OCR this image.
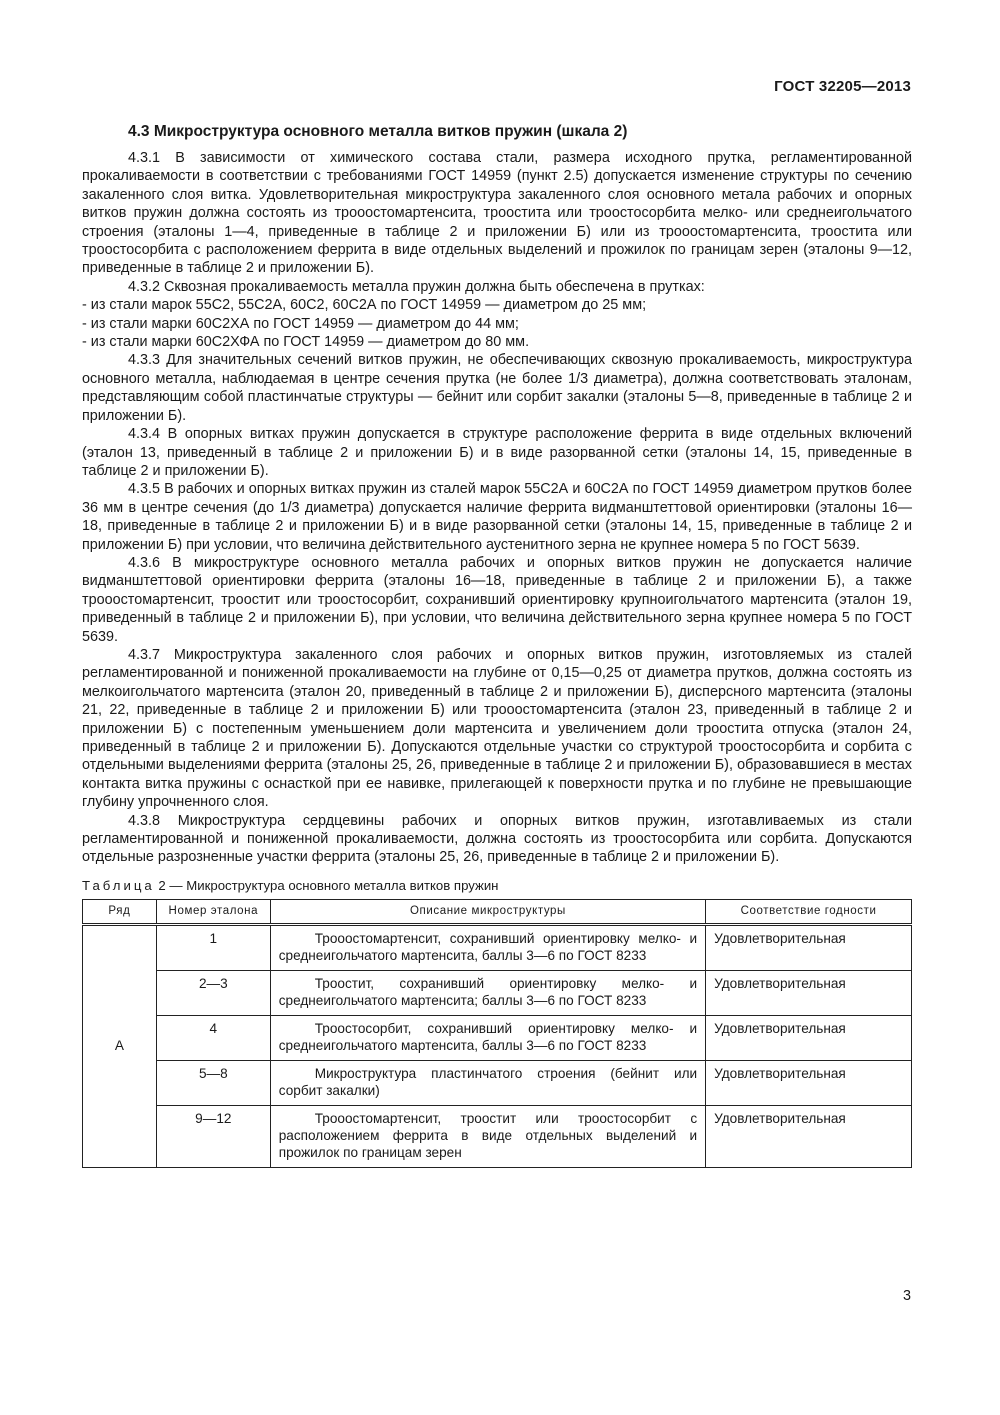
ГОСТ 32205—2013
4.3 Микроструктура основного металла витков пружин (шкала 2)

4.3.1 В зависимости от химического состава стали, размера исходного прутка, регламентированной прокаливаемости в соответствии с требованиями ГОСТ 14959 (пункт 2.5) допускается изменение структуры по сечению закаленного слоя витка. Удовлетворительная микроструктура закаленного слоя основного метала рабочих и опорных витков пружин должна состоять из трооостомартенсита, троостита или троостосорбита мелко- или среднеигольчатого строения (эталоны 1—4, приведенные в таблице 2 и приложении Б) или из трооостомартенсита, троостита или троостосорбита с расположением феррита в виде отдельных выделений и прожилок по границам зерен (эталоны 9—12, приведенные в таблице 2 и приложении Б).

4.3.2 Сквозная прокаливаемость металла пружин должна быть обеспечена в прутках:

- из стали марок 55С2, 55С2А, 60С2, 60С2А по ГОСТ 14959 — диаметром до 25 мм;

- из стали марки 60С2ХА по ГОСТ 14959 — диаметром до 44 мм;

- из стали марки 60С2ХФА по ГОСТ 14959 — диаметром до 80 мм.

4.3.3 Для значительных сечений витков пружин, не обеспечивающих сквозную прокаливаемость, микроструктура основного металла, наблюдаемая в центре сечения прутка (не более 1/3 диаметра), должна соответствовать эталонам, представляющим собой пластинчатые структуры — бейнит или сорбит закалки (эталоны 5—8, приведенные в таблице 2 и приложении Б).

4.3.4 В опорных витках пружин допускается в структуре расположение феррита в виде отдельных включений (эталон 13, приведенный в таблице 2 и приложении Б) и в виде разорванной сетки (эталоны 14, 15, приведенные в таблице 2 и приложении Б).

4.3.5 В рабочих и опорных витках пружин из сталей марок 55С2А и 60С2А по ГОСТ 14959 диаметром прутков более 36 мм в центре сечения (до 1/3 диаметра) допускается наличие феррита видманштеттовой ориентировки (эталоны 16—18, приведенные в таблице 2 и приложении Б) и в виде разорванной сетки (эталоны 14, 15, приведенные в таблице 2 и приложении Б) при условии, что величина действительного аустенитного зерна не крупнее номера 5 по ГОСТ 5639.

4.3.6 В микроструктуре основного металла рабочих и опорных витков пружин не допускается наличие видманштеттовой ориентировки феррита (эталоны 16—18, приведенные в таблице 2 и приложении Б), а также трооостомартенсит, троостит или троостосорбит, сохранивший ориентировку крупноигольчатого мартенсита (эталон 19, приведенный в таблице 2 и приложении Б), при условии, что величина действительного зерна крупнее номера 5 по ГОСТ 5639.

4.3.7 Микроструктура закаленного слоя рабочих и опорных витков пружин, изготовляемых из сталей регламентированной и пониженной прокаливаемости на глубине от 0,15—0,25 от диаметра прутков, должна состоять из мелкоигольчатого мартенсита (эталон 20, приведенный в таблице 2 и приложении Б), дисперсного мартенсита (эталоны 21, 22, приведенные в таблице 2 и приложении Б) или трооостомартенсита (эталон 23, приведенный в таблице 2 и приложении Б) с постепенным уменьшением доли мартенсита и увеличением доли троостита отпуска (эталон 24, приведенный в таблице 2 и приложении Б). Допускаются отдельные участки со структурой троостосорбита и сорбита с отдельными выделениями феррита (эталоны 25, 26, приведенные в таблице 2 и приложении Б), образовавшиеся в местах контакта витка пружины с оснасткой при ее навивке, прилегающей к поверхности прутка и по глубине не превышающие глубину упрочненного слоя.

4.3.8 Микроструктура сердцевины рабочих и опорных витков пружин, изготавливаемых из стали регламентированной и пониженной прокаливаемости, должна состоять из троостосорбита или сорбита. Допускаются отдельные разрозненные участки феррита (эталоны 25, 26, приведенные в таблице 2 и приложении Б).

Таблица 2 — Микроструктура основного металла витков пружин
Ряд	Номер эталона	Описание микроструктуры	Соответствие годности
А	1	Трооостомартенсит, сохранивший ориентировку мелко- и среднеигольчатого мартенсита, баллы 3—6 по ГОСТ 8233	Удовлетворительная
	2—3	Троостит, сохранивший ориентировку мелко- и среднеигольчатого мартенсита; баллы 3—6 по ГОСТ 8233	Удовлетворительная
	4	Троостосорбит, сохранивший ориентировку мелко- и среднеигольчатого мартенсита, баллы 3—6 по ГОСТ 8233	Удовлетворительная
	5—8	Микроструктура пластинчатого строения (бейнит или сорбит закалки)	Удовлетворительная
	9—12	Трооостомартенсит, троостит или троостосорбит с расположением феррита в виде отдельных выделений и прожилок по границам зерен	Удовлетворительная
3
